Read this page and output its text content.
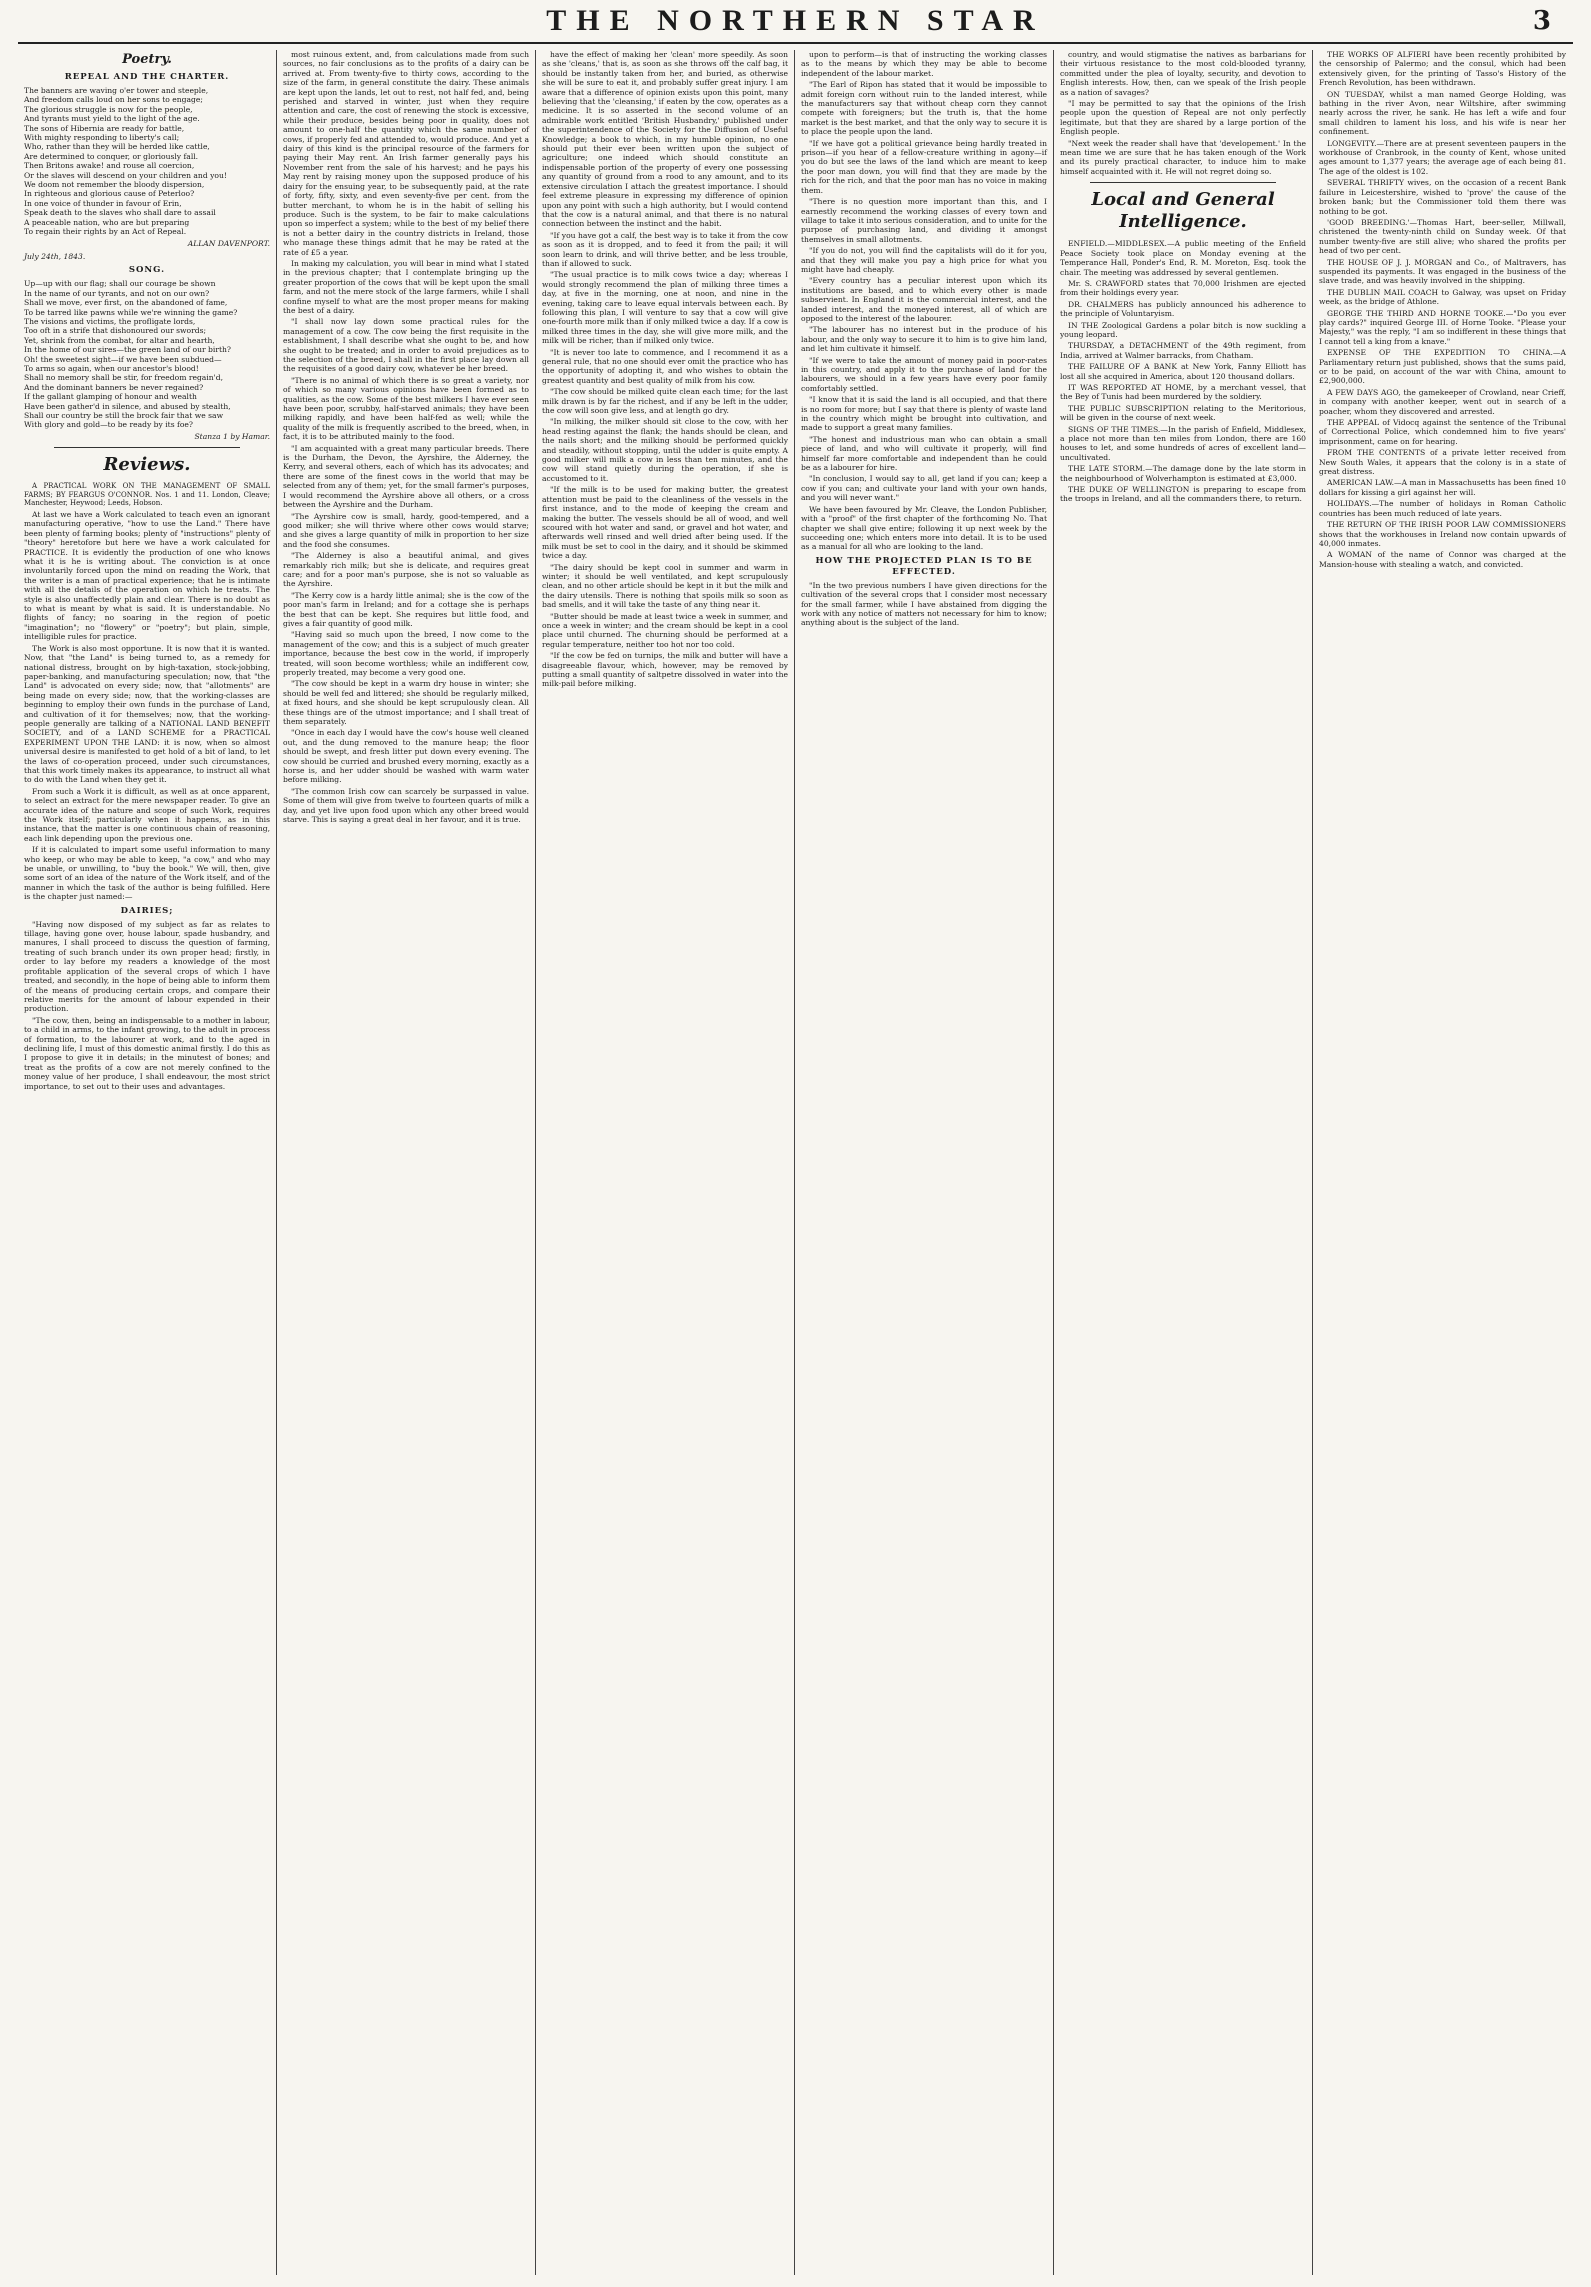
THE NORTHERN STAR	3
Poetry.
REPEAL AND THE CHARTER.

The banners are waving o'er tower and steeple,

And freedom calls loud on her sons to engage;

The glorious struggle is now for the people,

And tyrants must yield to the light of the age.

The sons of Hibernia are ready for battle,

With mighty responding to liberty's call;

Who, rather than they will be herded like cattle,

Are determined to conquer, or gloriously fall.

Then Britons awake! and rouse all coercion,

Or the slaves will descend on your children and you!

We doom not remember the bloody dispersion,

In righteous and glorious cause of Peterloo?

In one voice of thunder in favour of Erin,

Speak death to the slaves who shall dare to assail

A peaceable nation, who are but preparing

To regain their rights by an Act of Repeal.

ALLAN DAVENPORT.
July 24th, 1843.
SONG.

Up—up with our flag; shall our courage be shown

In the name of our tyrants, and not on our own?

Shall we move, ever first, on the abandoned of fame,

To be tarred like pawns while we're winning the game?

The visions and victims, the profligate lords,

Too oft in a strife that dishonoured our swords;

Yet, shrink from the combat, for altar and hearth,

In the home of our sires—the green land of our birth?

Oh! the sweetest sight—if we have been subdued—

To arms so again, when our ancestor's blood!

Shall no memory shall be stir, for freedom regain'd,

And the dominant banners be never regained?

If the gallant glamping of honour and wealth

Have been gather'd in silence, and abused by stealth,

Shall our country be still the brock fair that we saw

With glory and gold—to be ready by its foe?

Stanza 1 by Hamar.
Reviews.

A PRACTICAL WORK ON THE MANAGEMENT OF SMALL FARMS; BY FEARGUS O'CONNOR. Nos. 1 and 11. London, Cleave; Manchester, Heywood; Leeds, Hobson.

At last we have a Work calculated to teach even an ignorant manufacturing operative, "how to use the Land." There have been plenty of farming books; plenty of "instructions" plenty of "theory" heretofore but here we have a work calculated for PRACTICE. It is evidently the production of one who knows what it is he is writing about. The conviction is at once involuntarily forced upon the mind on reading the Work, that the writer is a man of practical experience; that he is intimate with all the details of the operation on which he treats. The style is also unaffectedly plain and clear. There is no doubt as to what is meant by what is said. It is understandable. No flights of fancy; no soaring in the region of poetic "imagination"; no "flowery" or "poetry"; but plain, simple, intelligible rules for practice.

The Work is also most opportune. It is now that it is wanted. Now, that "the Land" is being turned to, as a remedy for national distress, brought on by high-taxation, stock-jobbing, paper-banking, and manufacturing speculation; now, that "the Land" is advocated on every side; now, that "allotments" are being made on every side; now, that the working-classes are beginning to employ their own funds in the purchase of Land, and cultivation of it for themselves; now, that the working-people generally are talking of a NATIONAL LAND BENEFIT SOCIETY, and of a LAND SCHEME for a PRACTICAL EXPERIMENT UPON THE LAND: it is now, when so almost universal desire is manifested to get hold of a bit of land, to let the laws of co-operation proceed, under such circumstances, that this work timely makes its appearance, to instruct all what to do with the Land when they get it.

From such a Work it is difficult, as well as at once apparent, to select an extract for the mere newspaper reader. To give an accurate idea of the nature and scope of such Work, requires the Work itself; particularly when it happens, as in this instance, that the matter is one continuous chain of reasoning, each link depending upon the previous one.

If it is calculated to impart some useful information to many who keep, or who may be able to keep, "a cow," and who may be unable, or unwilling, to "buy the book." We will, then, give some sort of an idea of the nature of the Work itself, and of the manner in which the task of the author is being fulfilled. Here is the chapter just named:—

DAIRIES;

"Having now disposed of my subject as far as relates to tillage, having gone over, house labour, spade husbandry, and manures, I shall proceed to discuss the question of farming, treating of such branch under its own proper head; firstly, in order to lay before my readers a knowledge of the most profitable application of the several crops of which I have treated, and secondly, in the hope of being able to inform them of the means of producing certain crops, and compare their relative merits for the amount of labour expended in their production.

"The cow, then, being an indispensable to a mother in labour, to a child in arms, to the infant growing, to the adult in process of formation, to the labourer at work, and to the aged in declining life, I must of this domestic animal firstly. I do this as I propose to give it in details; in the minutest of bones; and treat as the profits of a cow are not merely confined to the money value of her produce, I shall endeavour, the most strict importance, to set out to their uses and advantages.

most ruinous extent, and, from calculations made from such sources, no fair conclusions as to the profits of a dairy can be arrived at. From twenty-five to thirty cows, according to the size of the farm, in general constitute the dairy. These animals are kept upon the lands, let out to rest, not half fed, and, being perished and starved in winter, just when they require attention and care, the cost of renewing the stock is excessive, while their produce, besides being poor in quality, does not amount to one-half the quantity which the same number of cows, if properly fed and attended to, would produce. And yet a dairy of this kind is the principal resource of the farmers for paying their May rent. An Irish farmer generally pays his November rent from the sale of his harvest; and he pays his May rent by raising money upon the supposed produce of his dairy for the ensuing year, to be subsequently paid, at the rate of forty, fifty, sixty, and even seventy-five per cent. from the butter merchant, to whom he is in the habit of selling his produce. Such is the system, to be fair to make calculations upon so imperfect a system; while to the best of my belief there is not a better dairy in the country districts in Ireland, those who manage these things admit that he may be rated at the rate of £5 a year.

In making my calculation, you will bear in mind what I stated in the previous chapter; that I contemplate bringing up the greater proportion of the cows that will be kept upon the small farm, and not the mere stock of the large farmers, while I shall confine myself to what are the most proper means for making the best of a dairy.

"I shall now lay down some practical rules for the management of a cow. The cow being the first requisite in the establishment, I shall describe what she ought to be, and how she ought to be treated; and in order to avoid prejudices as to the selection of the breed, I shall in the first place lay down all the requisites of a good dairy cow, whatever be her breed.

"There is no animal of which there is so great a variety, nor of which so many various opinions have been formed as to qualities, as the cow. Some of the best milkers I have ever seen have been poor, scrubby, half-starved animals; they have been milking rapidly, and have been half-fed as well; while the quality of the milk is frequently ascribed to the breed, when, in fact, it is to be attributed mainly to the food.

"I am acquainted with a great many particular breeds. There is the Durham, the Devon, the Ayrshire, the Alderney, the Kerry, and several others, each of which has its advocates; and there are some of the finest cows in the world that may be selected from any of them; yet, for the small farmer's purposes, I would recommend the Ayrshire above all others, or a cross between the Ayrshire and the Durham.

"The Ayrshire cow is small, hardy, good-tempered, and a good milker; she will thrive where other cows would starve; and she gives a large quantity of milk in proportion to her size and the food she consumes.

"The Alderney is also a beautiful animal, and gives remarkably rich milk; but she is delicate, and requires great care; and for a poor man's purpose, she is not so valuable as the Ayrshire.

"The Kerry cow is a hardy little animal; she is the cow of the poor man's farm in Ireland; and for a cottage she is perhaps the best that can be kept. She requires but little food, and gives a fair quantity of good milk.

"Having said so much upon the breed, I now come to the management of the cow; and this is a subject of much greater importance, because the best cow in the world, if improperly treated, will soon become worthless; while an indifferent cow, properly treated, may become a very good one.

"The cow should be kept in a warm dry house in winter; she should be well fed and littered; she should be regularly milked, at fixed hours, and she should be kept scrupulously clean. All these things are of the utmost importance; and I shall treat of them separately.

"Once in each day I would have the cow's house well cleaned out, and the dung removed to the manure heap; the floor should be swept, and fresh litter put down every evening. The cow should be curried and brushed every morning, exactly as a horse is, and her udder should be washed with warm water before milking.

"The common Irish cow can scarcely be surpassed in value. Some of them will give from twelve to fourteen quarts of milk a day, and yet live upon food upon which any other breed would starve. This is saying a great deal in her favour, and it is true.

have the effect of making her 'clean' more speedily. As soon as she 'cleans,' that is, as soon as she throws off the calf bag, it should be instantly taken from her, and buried, as otherwise she will be sure to eat it, and probably suffer great injury. I am aware that a difference of opinion exists upon this point, many believing that the 'cleansing,' if eaten by the cow, operates as a medicine. It is so asserted in the second volume of an admirable work entitled 'British Husbandry,' published under the superintendence of the Society for the Diffusion of Useful Knowledge; a book to which, in my humble opinion, no one should put their ever been written upon the subject of agriculture; one indeed which should constitute an indispensable portion of the property of every one possessing any quantity of ground from a rood to any amount, and to its extensive circulation I attach the greatest importance. I should feel extreme pleasure in expressing my difference of opinion upon any point with such a high authority, but I would contend that the cow is a natural animal, and that there is no natural connection between the instinct and the habit.

"If you have got a calf, the best way is to take it from the cow as soon as it is dropped, and to feed it from the pail; it will soon learn to drink, and will thrive better, and be less trouble, than if allowed to suck.

"The usual practice is to milk cows twice a day; whereas I would strongly recommend the plan of milking three times a day, at five in the morning, one at noon, and nine in the evening, taking care to leave equal intervals between each. By following this plan, I will venture to say that a cow will give one-fourth more milk than if only milked twice a day. If a cow is milked three times in the day, she will give more milk, and the milk will be richer, than if milked only twice.

"It is never too late to commence, and I recommend it as a general rule, that no one should ever omit the practice who has the opportunity of adopting it, and who wishes to obtain the greatest quantity and best quality of milk from his cow.

"The cow should be milked quite clean each time; for the last milk drawn is by far the richest, and if any be left in the udder, the cow will soon give less, and at length go dry.

"In milking, the milker should sit close to the cow, with her head resting against the flank; the hands should be clean, and the nails short; and the milking should be performed quickly and steadily, without stopping, until the udder is quite empty. A good milker will milk a cow in less than ten minutes, and the cow will stand quietly during the operation, if she is accustomed to it.

"If the milk is to be used for making butter, the greatest attention must be paid to the cleanliness of the vessels in the first instance, and to the mode of keeping the cream and making the butter. The vessels should be all of wood, and well scoured with hot water and sand, or gravel and hot water, and afterwards well rinsed and well dried after being used. If the milk must be set to cool in the dairy, and it should be skimmed twice a day.

"The dairy should be kept cool in summer and warm in winter; it should be well ventilated, and kept scrupulously clean, and no other article should be kept in it but the milk and the dairy utensils. There is nothing that spoils milk so soon as bad smells, and it will take the taste of any thing near it.

"Butter should be made at least twice a week in summer, and once a week in winter; and the cream should be kept in a cool place until churned. The churning should be performed at a regular temperature, neither too hot nor too cold.

"If the cow be fed on turnips, the milk and butter will have a disagreeable flavour, which, however, may be removed by putting a small quantity of saltpetre dissolved in water into the milk-pail before milking.

upon to perform—is that of instructing the working classes as to the means by which they may be able to become independent of the labour market.

"The Earl of Ripon has stated that it would be impossible to admit foreign corn without ruin to the landed interest, while the manufacturers say that without cheap corn they cannot compete with foreigners; but the truth is, that the home market is the best market, and that the only way to secure it is to place the people upon the land.

"If we have got a political grievance being hardly treated in prison—if you hear of a fellow-creature writhing in agony—if you do but see the laws of the land which are meant to keep the poor man down, you will find that they are made by the rich for the rich, and that the poor man has no voice in making them.

"There is no question more important than this, and I earnestly recommend the working classes of every town and village to take it into serious consideration, and to unite for the purpose of purchasing land, and dividing it amongst themselves in small allotments.

"If you do not, you will find the capitalists will do it for you, and that they will make you pay a high price for what you might have had cheaply.

"Every country has a peculiar interest upon which its institutions are based, and to which every other is made subservient. In England it is the commercial interest, and the landed interest, and the moneyed interest, all of which are opposed to the interest of the labourer.

"The labourer has no interest but in the produce of his labour, and the only way to secure it to him is to give him land, and let him cultivate it himself.

"If we were to take the amount of money paid in poor-rates in this country, and apply it to the purchase of land for the labourers, we should in a few years have every poor family comfortably settled.

"I know that it is said the land is all occupied, and that there is no room for more; but I say that there is plenty of waste land in the country which might be brought into cultivation, and made to support a great many families.

"The honest and industrious man who can obtain a small piece of land, and who will cultivate it properly, will find himself far more comfortable and independent than he could be as a labourer for hire.

"In conclusion, I would say to all, get land if you can; keep a cow if you can; and cultivate your land with your own hands, and you will never want."

We have been favoured by Mr. Cleave, the London Publisher, with a "proof" of the first chapter of the forthcoming No. That chapter we shall give entire; following it up next week by the succeeding one; which enters more into detail. It is to be used as a manual for all who are looking to the land.

HOW THE PROJECTED PLAN IS TO BE EFFECTED.

"In the two previous numbers I have given directions for the cultivation of the several crops that I consider most necessary for the small farmer, while I have abstained from digging the work with any notice of matters not necessary for him to know; anything about is the subject of the land.

country, and would stigmatise the natives as barbarians for their virtuous resistance to the most cold-blooded tyranny, committed under the plea of loyalty, security, and devotion to English interests. How, then, can we speak of the Irish people as a nation of savages?

"I may be permitted to say that the opinions of the Irish people upon the question of Repeal are not only perfectly legitimate, but that they are shared by a large portion of the English people.

"Next week the reader shall have that 'developement.' In the mean time we are sure that he has taken enough of the Work and its purely practical character, to induce him to make himself acquainted with it. He will not regret doing so.

Local and General Intelligence.

ENFIELD.—MIDDLESEX.—A public meeting of the Enfield Peace Society took place on Monday evening at the Temperance Hall, Ponder's End, R. M. Moreton, Esq. took the chair. The meeting was addressed by several gentlemen.

Mr. S. CRAWFORD states that 70,000 Irishmen are ejected from their holdings every year.

DR. CHALMERS has publicly announced his adherence to the principle of Voluntaryism.

IN THE Zoological Gardens a polar bitch is now suckling a young leopard.

THURSDAY, a DETACHMENT of the 49th regiment, from India, arrived at Walmer barracks, from Chatham.

THE FAILURE OF A BANK at New York, Fanny Elliott has lost all she acquired in America, about 120 thousand dollars.

IT WAS REPORTED AT HOME, by a merchant vessel, that the Bey of Tunis had been murdered by the soldiery.

THE PUBLIC SUBSCRIPTION relating to the Meritorious, will be given in the course of next week.

SIGNS OF THE TIMES.—In the parish of Enfield, Middlesex, a place not more than ten miles from London, there are 160 houses to let, and some hundreds of acres of excellent land—uncultivated.

THE LATE STORM.—The damage done by the late storm in the neighbourhood of Wolverhampton is estimated at £3,000.

THE DUKE OF WELLINGTON is preparing to escape from the troops in Ireland, and all the commanders there, to return.

THE WORKS OF ALFIERI have been recently prohibited by the censorship of Palermo; and the consul, which had been extensively given, for the printing of Tasso's History of the French Revolution, has been withdrawn.

ON TUESDAY, whilst a man named George Holding, was bathing in the river Avon, near Wiltshire, after swimming nearly across the river, he sank. He has left a wife and four small children to lament his loss, and his wife is near her confinement.

LONGEVITY.—There are at present seventeen paupers in the workhouse of Cranbrook, in the county of Kent, whose united ages amount to 1,377 years; the average age of each being 81. The age of the oldest is 102.

SEVERAL THRIFTY wives, on the occasion of a recent Bank failure in Leicestershire, wished to 'prove' the cause of the broken bank; but the Commissioner told them there was nothing to be got.

'GOOD BREEDING.'—Thomas Hart, beer-seller, Millwall, christened the twenty-ninth child on Sunday week. Of that number twenty-five are still alive; who shared the profits per head of two per cent.

THE HOUSE OF J. J. MORGAN and Co., of Maltravers, has suspended its payments. It was engaged in the business of the slave trade, and was heavily involved in the shipping.

THE DUBLIN MAIL COACH to Galway, was upset on Friday week, as the bridge of Athlone.

GEORGE THE THIRD AND HORNE TOOKE.—"Do you ever play cards?" inquired George III. of Horne Tooke. "Please your Majesty," was the reply, "I am so indifferent in these things that I cannot tell a king from a knave."

EXPENSE OF THE EXPEDITION TO CHINA.—A Parliamentary return just published, shows that the sums paid, or to be paid, on account of the war with China, amount to £2,900,000.

A FEW DAYS AGO, the gamekeeper of Crowland, near Crieff, in company with another keeper, went out in search of a poacher, whom they discovered and arrested.

THE APPEAL of Vidocq against the sentence of the Tribunal of Correctional Police, which condemned him to five years' imprisonment, came on for hearing.

FROM THE CONTENTS of a private letter received from New South Wales, it appears that the colony is in a state of great distress.

AMERICAN LAW.—A man in Massachusetts has been fined 10 dollars for kissing a girl against her will.

HOLIDAYS.—The number of holidays in Roman Catholic countries has been much reduced of late years.

THE RETURN OF THE IRISH POOR LAW COMMISSIONERS shows that the workhouses in Ireland now contain upwards of 40,000 inmates.

A WOMAN of the name of Connor was charged at the Mansion-house with stealing a watch, and convicted.
